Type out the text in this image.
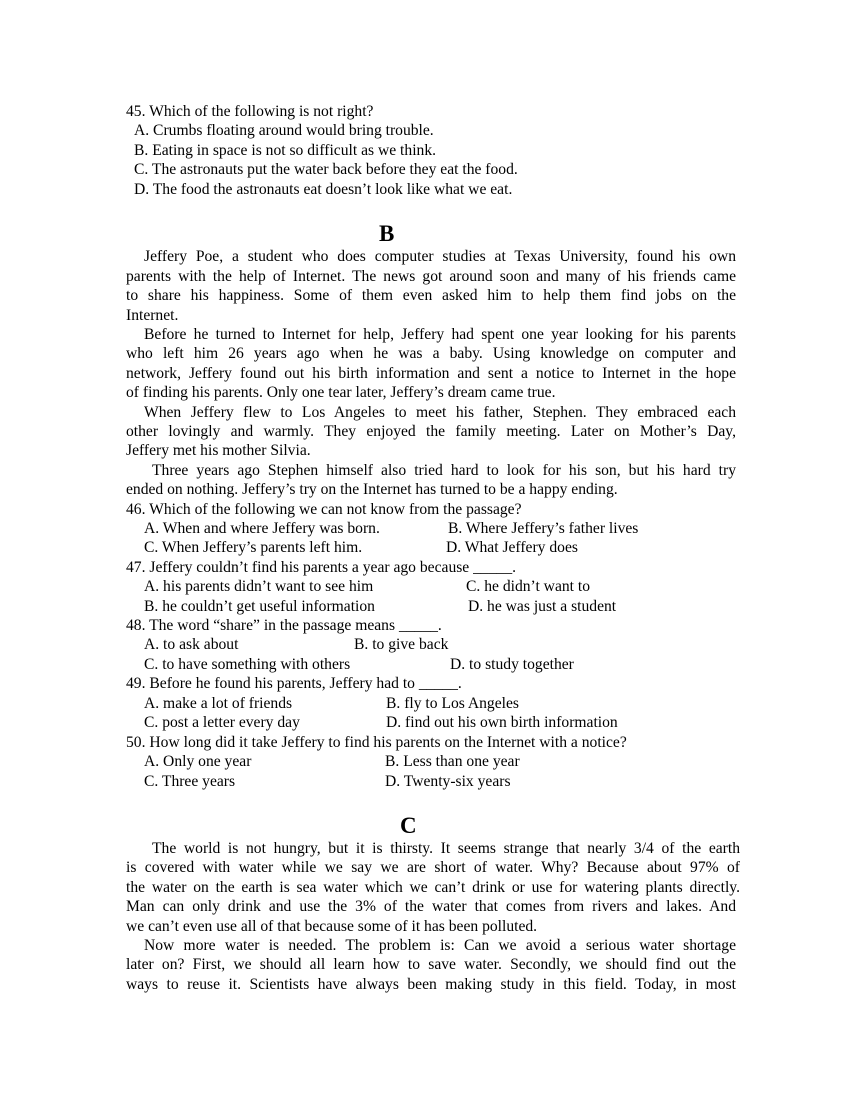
45. Which of the following is not right?
A. Crumbs floating around would bring trouble.
B. Eating in space is not so difficult as we think.
C. The astronauts put the water back before they eat the food.
D. The food the astronauts eat doesn’t look like what we eat.
B
Jeffery Poe, a student who does computer studies at Texas University, found his own
parents with the help of Internet. The news got around soon and many of his friends came
to share his happiness. Some of them even asked him to help them find jobs on the
Internet.
Before he turned to Internet for help, Jeffery had spent one year looking for his parents
who left him 26 years ago when he was a baby. Using knowledge on computer and
network, Jeffery found out his birth information and sent a notice to Internet in the hope
of finding his parents. Only one tear later, Jeffery’s dream came true.
When Jeffery flew to Los Angeles to meet his father, Stephen. They embraced each
other lovingly and warmly. They enjoyed the family meeting. Later on Mother’s Day,
Jeffery met his mother Silvia.
Three years ago Stephen himself also tried hard to look for his son, but his hard try
ended on nothing. Jeffery’s try on the Internet has turned to be a happy ending.
46. Which of the following we can not know from the passage?
A. When and where Jeffery was born.	B. Where Jeffery’s father lives
C. When Jeffery’s parents left him.	D. What Jeffery does
47. Jeffery couldn’t find his parents a year ago because _____.
A. his parents didn’t want to see him	C. he didn’t want to
B. he couldn’t get useful information	D. he was just a student
48. The word “share” in the passage means _____.
A. to ask about	B. to give back
C. to have something with others	D. to study together
49. Before he found his parents, Jeffery had to _____.
A. make a lot of friends	B. fly to Los Angeles
C. post a letter every day	D. find out his own birth information
50. How long did it take Jeffery to find his parents on the Internet with a notice?
A. Only one year	B. Less than one year
C. Three years	D. Twenty-six years
C
The world is not hungry, but it is thirsty. It seems strange that nearly 3/4 of the earth
is covered with water while we say we are short of water. Why? Because about 97% of
the water on the earth is sea water which we can’t drink or use for watering plants directly.
Man can only drink and use the 3% of the water that comes from rivers and lakes. And
we can’t even use all of that because some of it has been polluted.
Now more water is needed. The problem is: Can we avoid a serious water shortage
later on? First, we should all learn how to save water. Secondly, we should find out the
ways to reuse it. Scientists have always been making study in this field. Today, in most
